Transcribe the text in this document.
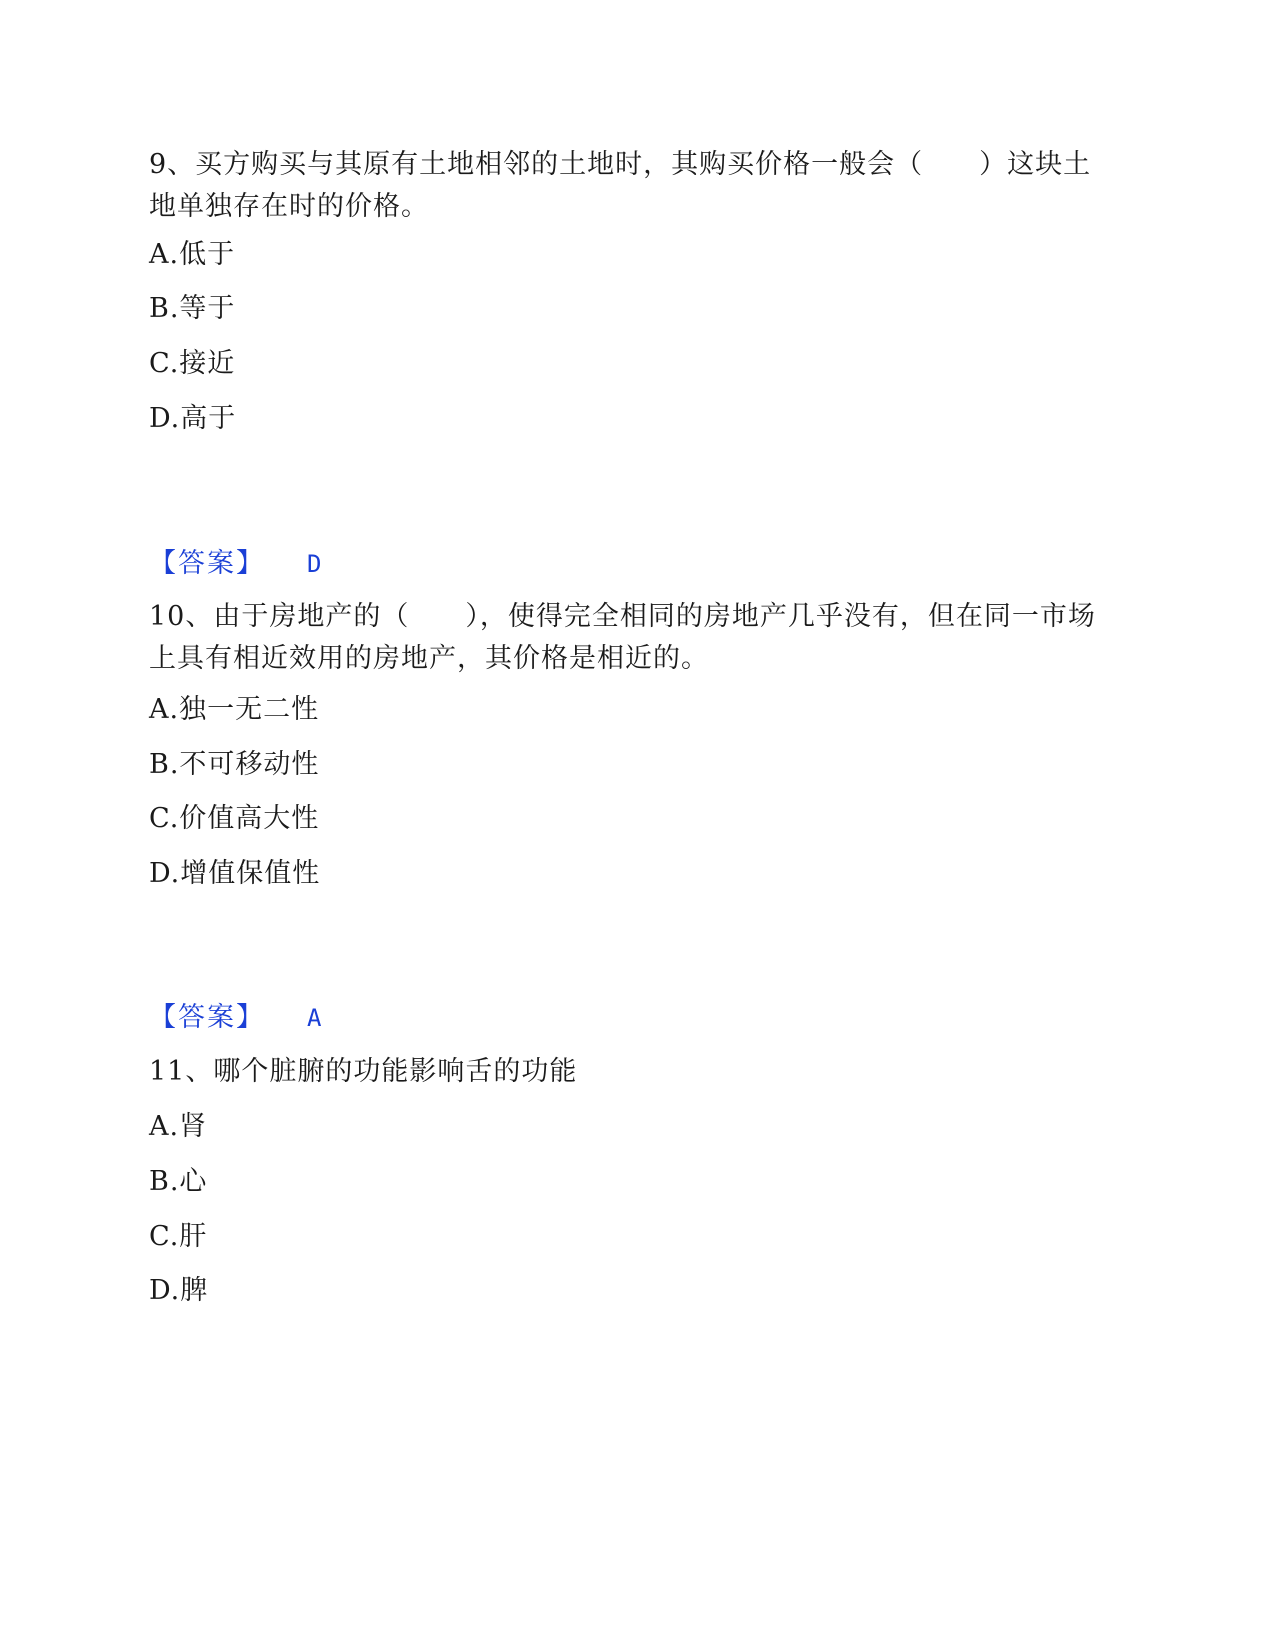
9、买方购买与其原有土地相邻的土地时，其购买价格一般会（　　）这块土地单独存在时的价格。

A.低于

B.等于

C.接近

D.高于

【答案】 D

10、由于房地产的（　　），使得完全相同的房地产几乎没有，但在同一市场上具有相近效用的房地产，其价格是相近的。

A.独一无二性

B.不可移动性

C.价值高大性

D.增值保值性

【答案】 A

11、哪个脏腑的功能影响舌的功能

A.肾

B.心

C.肝

D.脾
